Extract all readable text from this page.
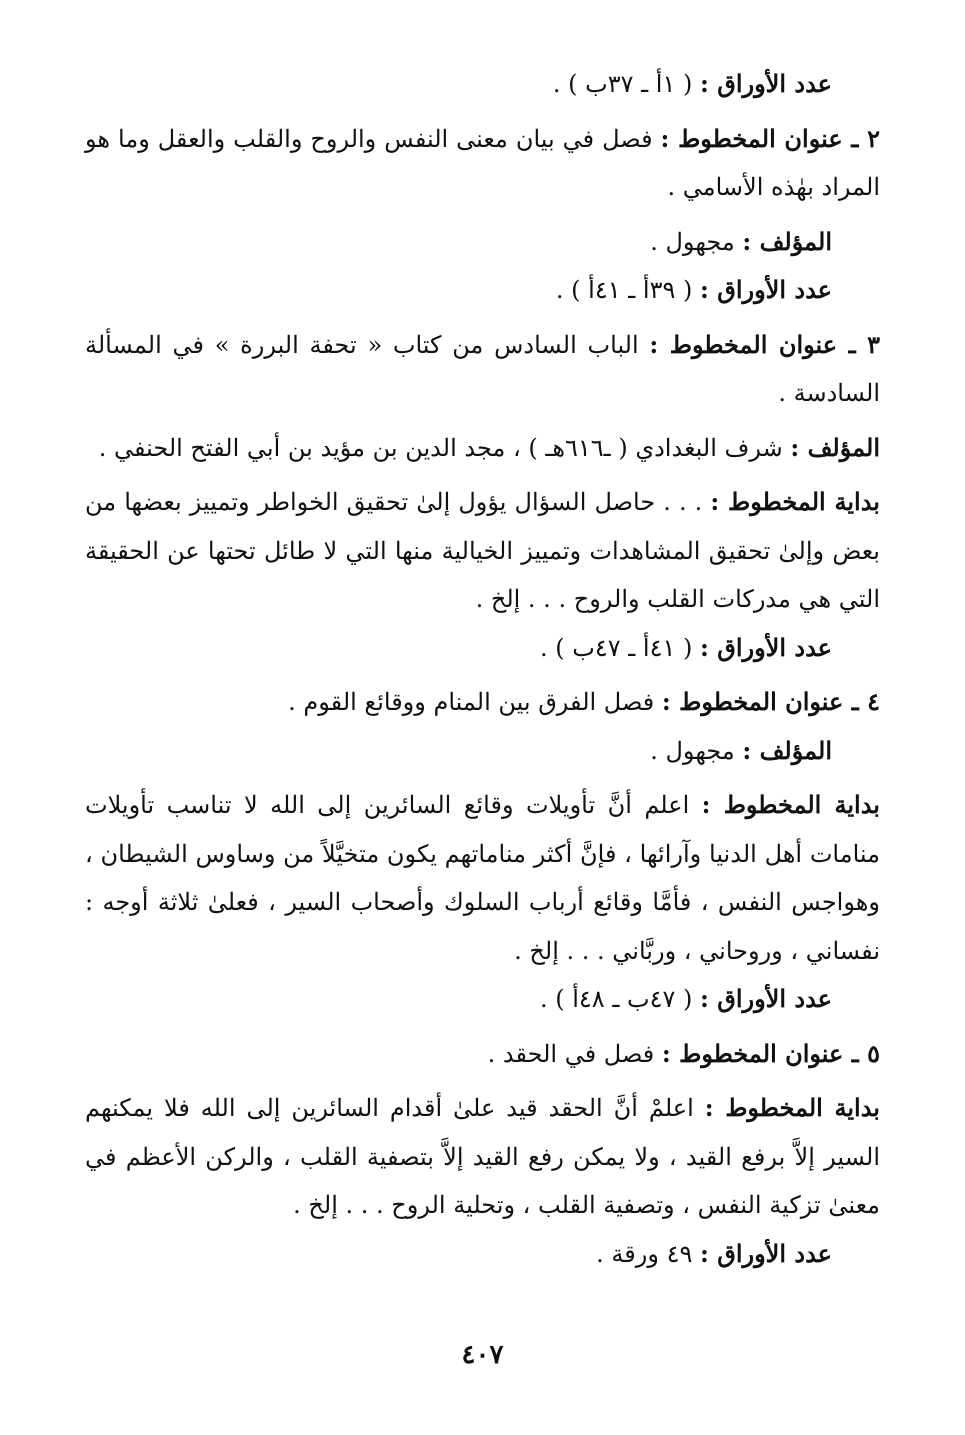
عدد الأوراق : ( ١أ ـ ٣٧ب ) .

٢ ـ عنوان المخطوط : فصل في بيان معنى النفس والروح والقلب والعقل وما هو المراد بهٰذه الأسامي .

المؤلف : مجهول .

عدد الأوراق : ( ٣٩أ ـ ٤١أ ) .

٣ ـ عنوان المخطوط : الباب السادس من كتاب « تحفة البررة » في المسألة السادسة .

المؤلف : شرف البغدادي ( ـ٦١٦هـ ) ، مجد الدين بن مؤيد بن أبي الفتح الحنفي .

بداية المخطوط : . . . حاصل السؤال يؤول إلىٰ تحقيق الخواطر وتمييز بعضها من بعض وإلىٰ تحقيق المشاهدات وتمييز الخيالية منها التي لا طائل تحتها عن الحقيقة التي هي مدركات القلب والروح . . . إلخ .

عدد الأوراق : ( ٤١أ ـ ٤٧ب ) .

٤ ـ عنوان المخطوط : فصل الفرق بين المنام ووقائع القوم .

المؤلف : مجهول .

بداية المخطوط : اعلم أنَّ تأويلات وقائع السائرين إلى الله لا تناسب تأويلات منامات أهل الدنيا وآرائها ، فإنَّ أكثر مناماتهم يكون متخيَّلاً من وساوس الشيطان ، وهواجس النفس ، فأمَّا وقائع أرباب السلوك وأصحاب السير ، فعلىٰ ثلاثة أوجه : نفساني ، وروحاني ، وربَّاني . . . إلخ .

عدد الأوراق : ( ٤٧ب ـ ٤٨أ ) .

٥ ـ عنوان المخطوط : فصل في الحقد .

بداية المخطوط : اعلمْ أنَّ الحقد قيد علىٰ أقدام السائرين إلى الله فلا يمكنهم السير إلاَّ برفع القيد ، ولا يمكن رفع القيد إلاَّ بتصفية القلب ، والركن الأعظم في معنىٰ تزكية النفس ، وتصفية القلب ، وتحلية الروح . . . إلخ .

عدد الأوراق : ٤٩ ورقة .

٤٠٧
